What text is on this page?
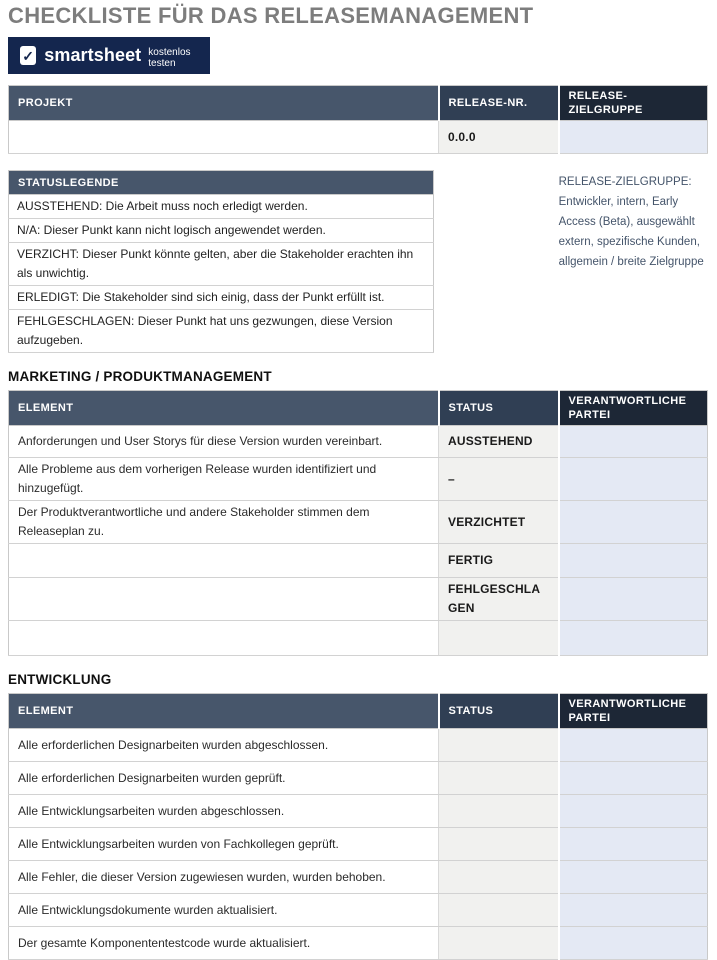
CHECKLISTE FÜR DAS RELEASEMANAGEMENT
✓ smartsheet kostenlos testen
PROJEKT	RELEASE-NR.	RELEASE-ZIELGRUPPE
	0.0.0	
STATUSLEGENDE
AUSSTEHEND: Die Arbeit muss noch erledigt werden.
N/A: Dieser Punkt kann nicht logisch angewendet werden.
VERZICHT: Dieser Punkt könnte gelten, aber die Stakeholder erachten ihn als unwichtig.
ERLEDIGT: Die Stakeholder sind sich einig, dass der Punkt erfüllt ist.
FEHLGESCHLAGEN: Dieser Punkt hat uns gezwungen, diese Version aufzugeben.
RELEASE-ZIELGRUPPE:
Entwickler, intern, Early Access (Beta), ausgewählt extern, spezifische Kunden, allgemein / breite Zielgruppe
MARKETING / PRODUKTMANAGEMENT
ELEMENT	STATUS	VERANTWORTLICHE PARTEI
Anforderungen und User Storys für diese Version wurden vereinbart.	AUSSTEHEND	
Alle Probleme aus dem vorherigen Release wurden identifiziert und hinzugefügt.	–	
Der Produktverantwortliche und andere Stakeholder stimmen dem Releaseplan zu.	VERZICHTET	
	FERTIG	
	FEHLGESCHLAGEN	

ENTWICKLUNG
ELEMENT	STATUS	VERANTWORTLICHE PARTEI
Alle erforderlichen Designarbeiten wurden abgeschlossen.		
Alle erforderlichen Designarbeiten wurden geprüft.		
Alle Entwicklungsarbeiten wurden abgeschlossen.		
Alle Entwicklungsarbeiten wurden von Fachkollegen geprüft.		
Alle Fehler, die dieser Version zugewiesen wurden, wurden behoben.		
Alle Entwicklungsdokumente wurden aktualisiert.		
Der gesamte Komponententestcode wurde aktualisiert.		
